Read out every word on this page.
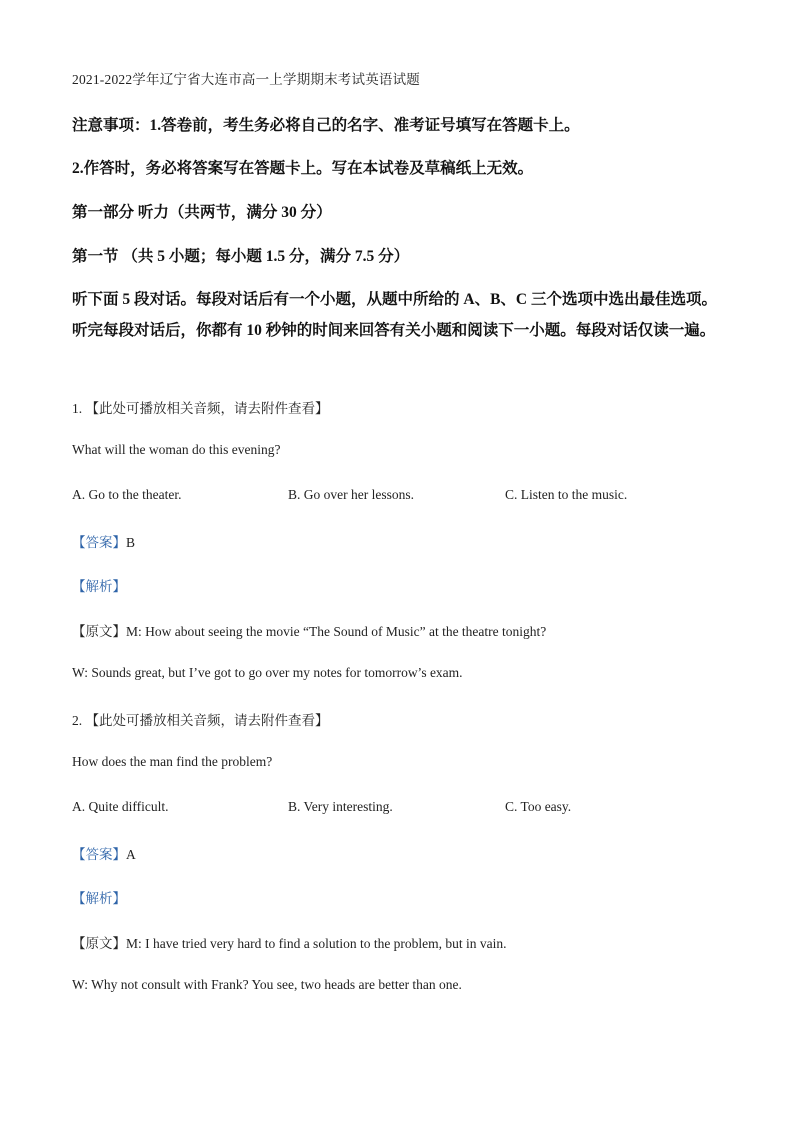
2021-2022学年辽宁省大连市高一上学期期末考试英语试题
注意事项：1.答卷前，考生务必将自己的名字、准考证号填写在答题卡上。
2.作答时，务必将答案写在答题卡上。写在本试卷及草稿纸上无效。
第一部分 听力（共两节，满分 30 分）
第一节 （共 5 小题；每小题 1.5 分，满分 7.5 分）
听下面 5 段对话。每段对话后有一个小题，从题中所给的 A、B、C 三个选项中选出最佳选项。听完每段对话后，你都有 10 秒钟的时间来回答有关小题和阅读下一小题。每段对话仅读一遍。
1. 【此处可播放相关音频，请去附件查看】
What will the woman do this evening?
A. Go to the theater.	B. Go over her lessons.	C. Listen to the music.
【答案】B
【解析】
【原文】M: How about seeing the movie “The Sound of Music” at the theatre tonight?
W: Sounds great, but I’ve got to go over my notes for tomorrow’s exam.
2. 【此处可播放相关音频，请去附件查看】
How does the man find the problem?
A. Quite difficult.	B. Very interesting.	C. Too easy.
【答案】A
【解析】
【原文】M: I have tried very hard to find a solution to the problem, but in vain.
W: Why not consult with Frank? You see, two heads are better than one.
